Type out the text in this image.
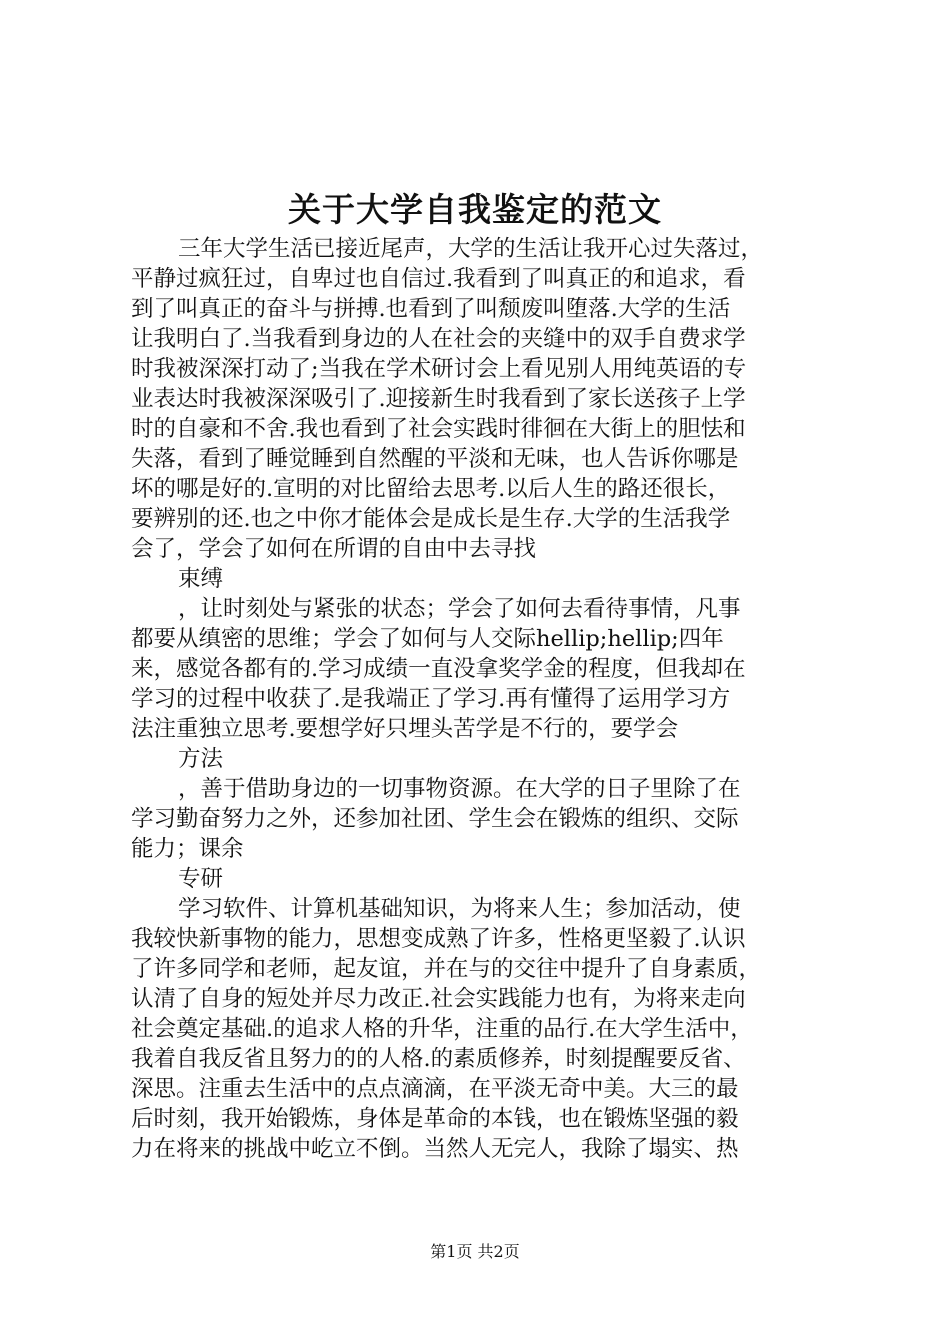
关于大学自我鉴定的范文
三年大学生活已接近尾声，大学的生活让我开心过失落过，
平静过疯狂过，自卑过也自信过.我看到了叫真正的和追求，看
到了叫真正的奋斗与拼搏.也看到了叫颓废叫堕落.大学的生活
让我明白了.当我看到身边的人在社会的夹缝中的双手自费求学
时我被深深打动了;当我在学术研讨会上看见别人用纯英语的专
业表达时我被深深吸引了.迎接新生时我看到了家长送孩子上学
时的自豪和不舍.我也看到了社会实践时徘徊在大街上的胆怯和
失落，看到了睡觉睡到自然醒的平淡和无味，也人告诉你哪是
坏的哪是好的.宣明的对比留给去思考.以后人生的路还很长，
要辨别的还.也之中你才能体会是成长是生存.大学的生活我学
会了，学会了如何在所谓的自由中去寻找
束缚
，让时刻处与紧张的状态；学会了如何去看待事情，凡事
都要从缜密的思维；学会了如何与人交际hellip;hellip;四年
来，感觉各都有的.学习成绩一直没拿奖学金的程度，但我却在
学习的过程中收获了.是我端正了学习.再有懂得了运用学习方
法注重独立思考.要想学好只埋头苦学是不行的，要学会
方法
，善于借助身边的一切事物资源。在大学的日子里除了在
学习勤奋努力之外，还参加社团、学生会在锻炼的组织、交际
能力；课余
专研
学习软件、计算机基础知识，为将来人生；参加活动，使
我较快新事物的能力，思想变成熟了许多，性格更坚毅了.认识
了许多同学和老师，起友谊，并在与的交往中提升了自身素质，
认清了自身的短处并尽力改正.社会实践能力也有，为将来走向
社会奠定基础.的追求人格的升华，注重的品行.在大学生活中，
我着自我反省且努力的的人格.的素质修养，时刻提醒要反省、
深思。注重去生活中的点点滴滴，在平淡无奇中美。大三的最
后时刻，我开始锻炼，身体是革命的本钱，也在锻炼坚强的毅
力在将来的挑战中屹立不倒。当然人无完人，我除了塌实、热
第1页 共2页
